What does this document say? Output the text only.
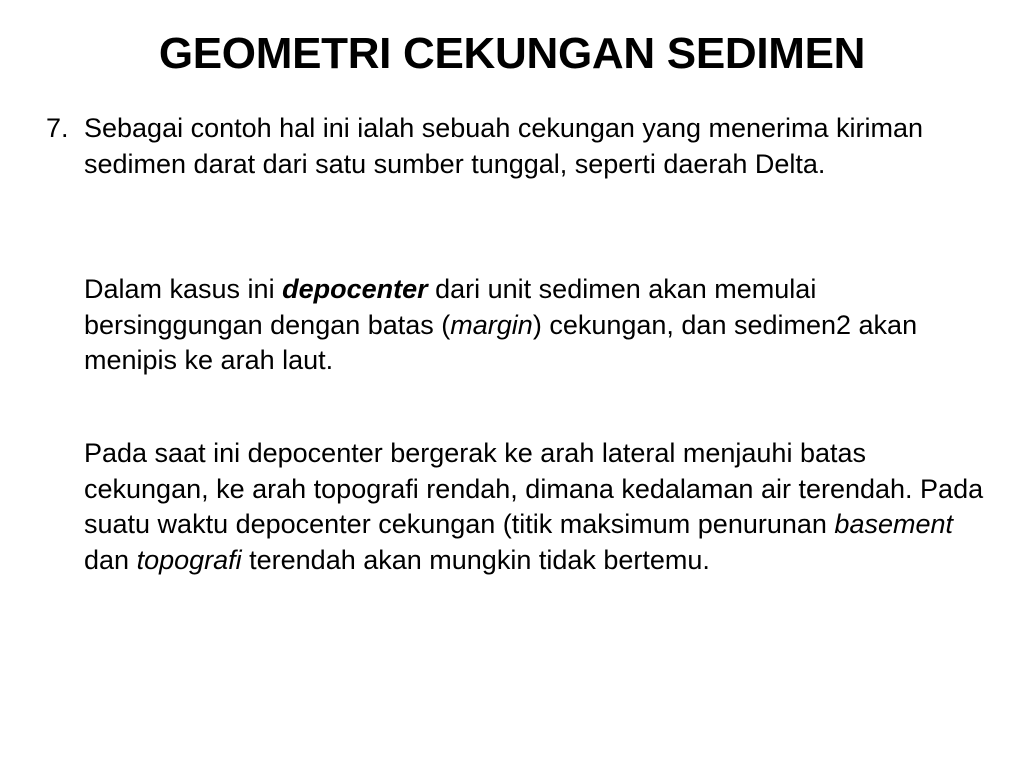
GEOMETRI CEKUNGAN SEDIMEN
7. Sebagai contoh hal ini ialah sebuah cekungan yang menerima kiriman sedimen darat dari satu sumber tunggal, seperti daerah Delta.

Dalam kasus ini depocenter dari unit sedimen akan memulai bersinggungan dengan batas (margin) cekungan, dan sedimen2 akan menipis ke arah laut.

Pada saat ini depocenter bergerak ke arah lateral menjauhi batas cekungan, ke arah topografi rendah, dimana kedalaman air terendah. Pada suatu waktu depocenter cekungan (titik maksimum penurunan basement dan topografi terendah akan mungkin tidak bertemu.
